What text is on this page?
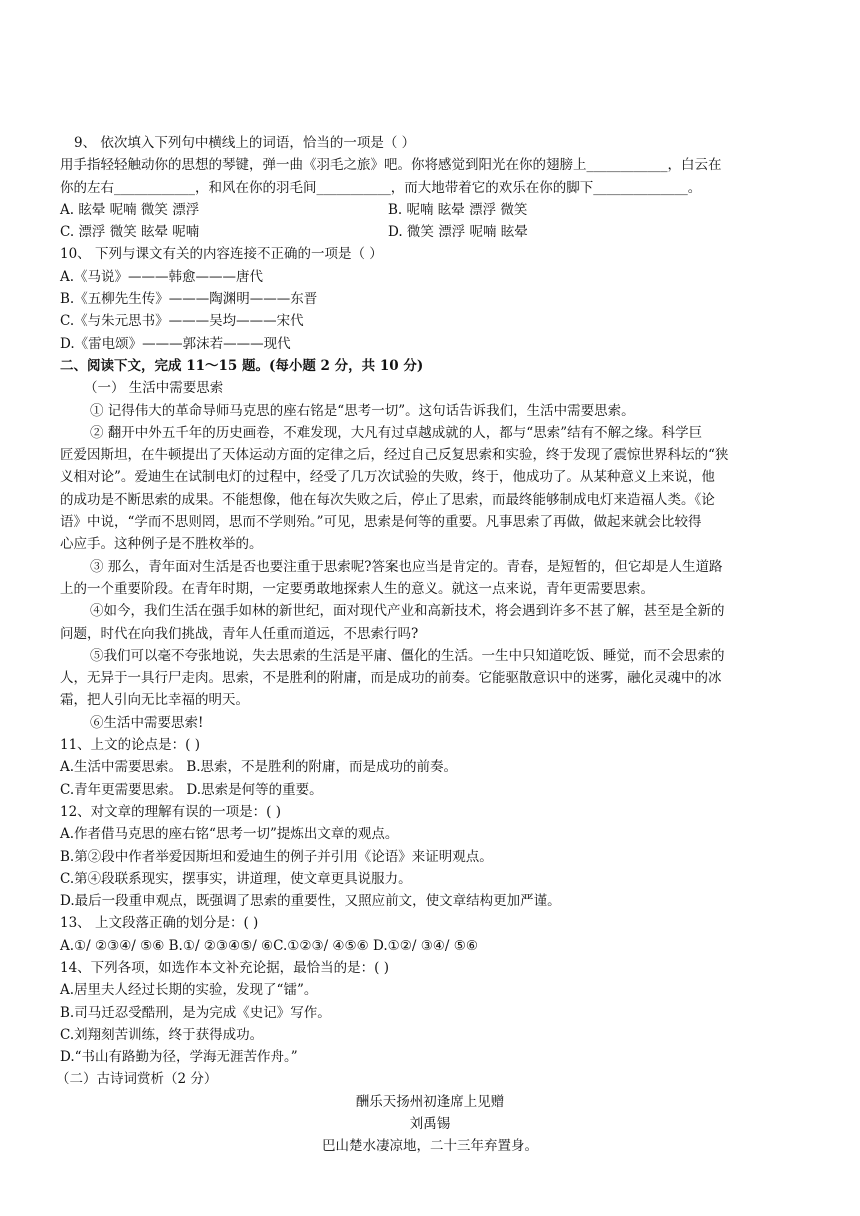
9、 依次填入下列句中横线上的词语，恰当的一项是（ ）
用手指轻轻触动你的思想的琴键，弹一曲《羽毛之旅》吧。你将感觉到阳光在你的翅膀上____________，白云在
你的左右____________，和风在你的羽毛间___________，而大地带着它的欢乐在你的脚下______________。
A. 眩晕 呢喃 微笑 漂浮	B. 呢喃 眩晕 漂浮 微笑
C. 漂浮 微笑 眩晕 呢喃	D. 微笑 漂浮 呢喃 眩晕
10、 下列与课文有关的内容连接不正确的一项是（ ）
A.《马说》———韩愈———唐代
B.《五柳先生传》———陶渊明———东晋
C.《与朱元思书》———吴均———宋代
D.《雷电颂》———郭沫若———现代
二、阅读下文，完成 11～15 题。(每小题 2 分，共 10 分)
（一） 生活中需要思索
① 记得伟大的革命导师马克思的座右铭是“思考一切”。这句话告诉我们，生活中需要思索。
② 翻开中外五千年的历史画卷，不难发现，大凡有过卓越成就的人，都与“思索”结有不解之缘。科学巨
匠爱因斯坦，在牛顿提出了天体运动方面的定律之后，经过自己反复思索和实验，终于发现了震惊世界科坛的“狭
义相对论”。爱迪生在试制电灯的过程中，经受了几万次试验的失败，终于，他成功了。从某种意义上来说，他
的成功是不断思索的成果。不能想像，他在每次失败之后，停止了思索，而最终能够制成电灯来造福人类。《论
语》中说，“学而不思则罔，思而不学则殆。”可见，思索是何等的重要。凡事思索了再做，做起来就会比较得
心应手。这种例子是不胜枚举的。
③ 那么，青年面对生活是否也要注重于思索呢?答案也应当是肯定的。青春，是短暂的，但它却是人生道路
上的一个重要阶段。在青年时期，一定要勇敢地探索人生的意义。就这一点来说，青年更需要思索。
④如今，我们生活在强手如林的新世纪，面对现代产业和高新技术，将会遇到许多不甚了解，甚至是全新的
问题，时代在向我们挑战，青年人任重而道远，不思索行吗?
⑤我们可以毫不夸张地说，失去思索的生活是平庸、僵化的生活。一生中只知道吃饭、睡觉，而不会思索的
人，无异于一具行尸走肉。思索，不是胜利的附庸，而是成功的前奏。它能驱散意识中的迷雾，融化灵魂中的冰
霜，把人引向无比幸福的明天。
⑥生活中需要思索!
11、上文的论点是：( )
A.生活中需要思索。 B.思索，不是胜利的附庸，而是成功的前奏。
C.青年更需要思索。 D.思索是何等的重要。
12、对文章的理解有误的一项是：( )
A.作者借马克思的座右铭“思考一切”提炼出文章的观点。
B.第②段中作者举爱因斯坦和爱迪生的例子并引用《论语》来证明观点。
C.第④段联系现实，摆事实，讲道理，使文章更具说服力。
D.最后一段重申观点，既强调了思索的重要性，又照应前文，使文章结构更加严谨。
13、 上文段落正确的划分是：( )
A.①/ ②③④/ ⑤⑥ B.①/ ②③④⑤/ ⑥C.①②③/ ④⑤⑥ D.①②/ ③④/ ⑤⑥
14、下列各项，如选作本文补充论据，最恰当的是：( )
A.居里夫人经过长期的实验，发现了“镭”。
B.司马迁忍受酷刑，是为完成《史记》写作。
C.刘翔刻苦训练，终于获得成功。
D.“书山有路勤为径，学海无涯苦作舟。”
（二）古诗词赏析（2 分）
酬乐天扬州初逢席上见赠
刘禹锡
巴山楚水凄凉地，二十三年弃置身。
